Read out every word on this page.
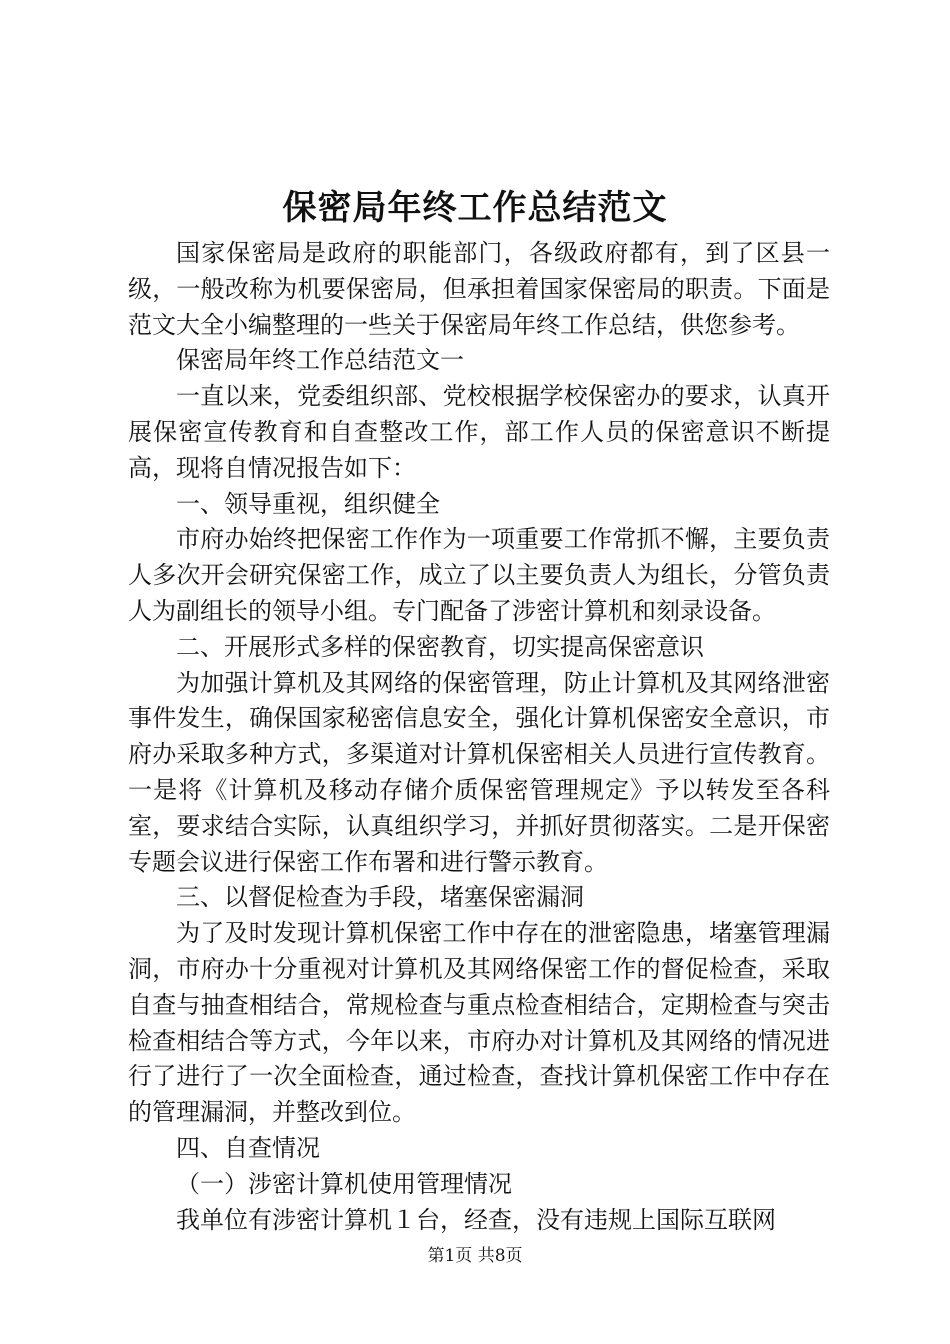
保密局年终工作总结范文

国家保密局是政府的职能部门，各级政府都有，到了区县一级，一般改称为机要保密局，但承担着国家保密局的职责。下面是范文大全小编整理的一些关于保密局年终工作总结，供您参考。

保密局年终工作总结范文一

一直以来，党委组织部、党校根据学校保密办的要求，认真开展保密宣传教育和自查整改工作，部工作人员的保密意识不断提高，现将自情况报告如下：

一、领导重视，组织健全

市府办始终把保密工作作为一项重要工作常抓不懈，主要负责人多次开会研究保密工作，成立了以主要负责人为组长，分管负责人为副组长的领导小组。专门配备了涉密计算机和刻录设备。

二、开展形式多样的保密教育，切实提高保密意识

为加强计算机及其网络的保密管理，防止计算机及其网络泄密事件发生，确保国家秘密信息安全，强化计算机保密安全意识，市府办采取多种方式，多渠道对计算机保密相关人员进行宣传教育。一是将《计算机及移动存储介质保密管理规定》予以转发至各科室，要求结合实际，认真组织学习，并抓好贯彻落实。二是开保密专题会议进行保密工作布署和进行警示教育。

三、以督促检查为手段，堵塞保密漏洞

为了及时发现计算机保密工作中存在的泄密隐患，堵塞管理漏洞，市府办十分重视对计算机及其网络保密工作的督促检查，采取自查与抽查相结合，常规检查与重点检查相结合，定期检查与突击检查相结合等方式，今年以来，市府办对计算机及其网络的情况进行了进行了一次全面检查，通过检查，查找计算机保密工作中存在的管理漏洞，并整改到位。

四、自查情况

（一）涉密计算机使用管理情况

我单位有涉密计算机１台，经查，没有违规上国际互联网

第1页 共8页
